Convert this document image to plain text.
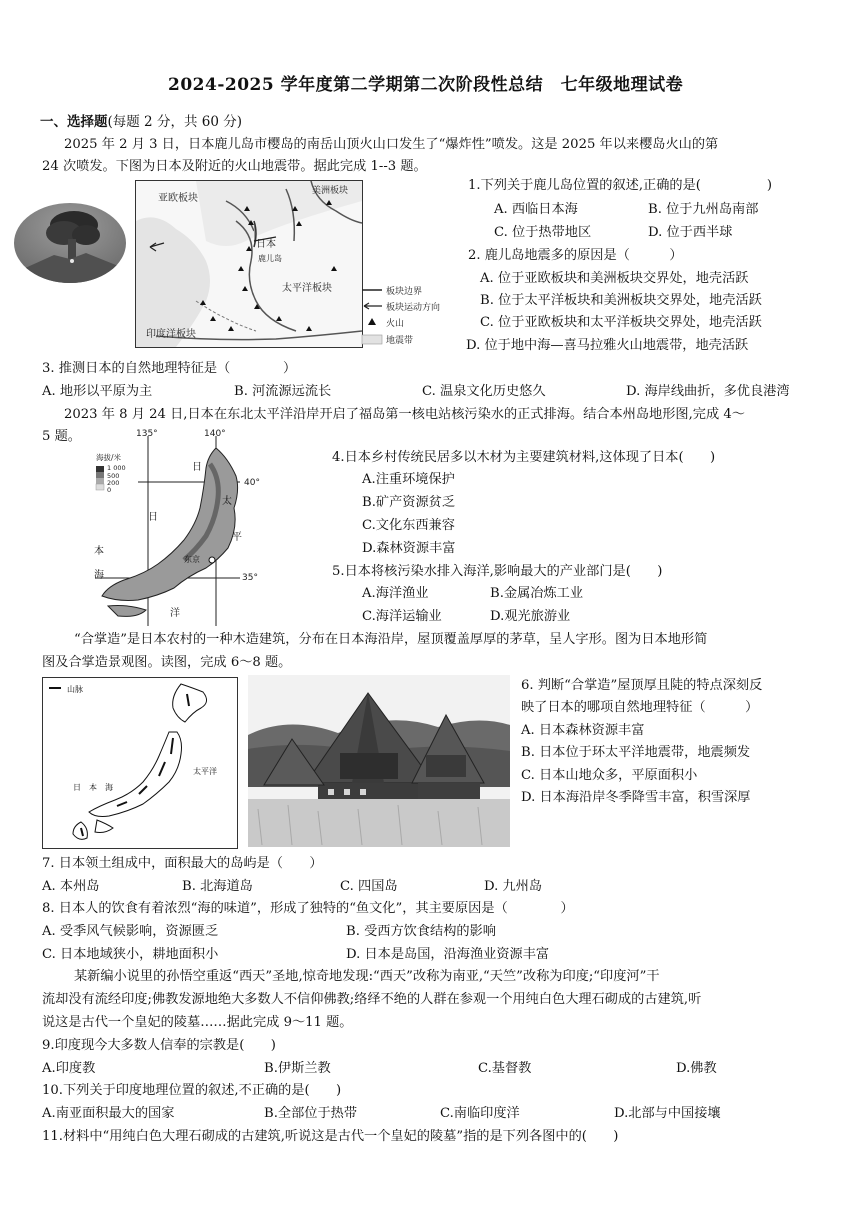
2024-2025 学年度第二学期第二次阶段性总结　七年级地理试卷
一、选择题(每题 2 分，共 60 分)
2025 年 2 月 3 日，日本鹿儿岛市樱岛的南岳山顶火山口发生了“爆炸性”喷发。这是 2025 年以来樱岛火山的第
24 次喷发。下图为日本及附近的火山地震带。据此完成 1--3 题。
亚欧板块
美洲板块
日本
鹿儿岛
太平洋板块
印度洋板块
板块边界
板块运动方向
火山
地震带
1.下列关于鹿儿岛位置的叙述,正确的是(　　　　　)
A. 西临日本海	B. 位于九州岛南部
C. 位于热带地区	D. 位于西半球
2. 鹿儿岛地震多的原因是（　　　）
A. 位于亚欧板块和美洲板块交界处，地壳活跃
B. 位于太平洋板块和美洲板块交界处，地壳活跃
C. 位于亚欧板块和太平洋板块交界处，地壳活跃
D. 位于地中海—喜马拉雅火山地震带，地壳活跃
3. 推测日本的自然地理特征是（　　　　）
A. 地形以平原为主	B. 河流源远流长	C. 温泉文化历史悠久	D. 海岸线曲折，多优良港湾
2023 年 8 月 24 日,日本在东北太平洋沿岸开启了福岛第一核电站核污染水的正式排海。结合本州岛地形图,完成 4～
5 题。	135°	140°
40°
35°
海拔/米
1 000
500
200
0
日
太
平
洋
日
本
海
东京
4.日本乡村传统民居多以木材为主要建筑材料,这体现了日本(　　)
A.注重环境保护
B.矿产资源贫乏
C.文化东西兼容
D.森林资源丰富
5.日本将核污染水排入海洋,影响最大的产业部门是(　　)
A.海洋渔业	B.金属冶炼工业
C.海洋运输业	D.观光旅游业
“合掌造”是日本农村的一种木造建筑，分布在日本海沿岸，屋顶覆盖厚厚的茅草，呈人字形。图为日本地形简
图及合掌造景观图。读图，完成 6～8 题。
山脉
日　本　海
太平洋
6. 判断“合掌造”屋顶厚且陡的特点深刻反
映了日本的哪项自然地理特征（　　　）
A. 日本森林资源丰富
B. 日本位于环太平洋地震带，地震频发
C. 日本山地众多，平原面积小
D. 日本海沿岸冬季降雪丰富，积雪深厚
7. 日本领土组成中，面积最大的岛屿是（　　）
A. 本州岛	B. 北海道岛	C. 四国岛	D. 九州岛
8. 日本人的饮食有着浓烈“海的味道”，形成了独特的“鱼文化”，其主要原因是（　　　　）
A. 受季风气候影响，资源匮乏	B. 受西方饮食结构的影响
C. 日本地域狭小，耕地面积小	D. 日本是岛国，沿海渔业资源丰富
某新编小说里的孙悟空重返“西天”圣地,惊奇地发现:“西天”改称为南亚,“天竺”改称为印度;“印度河”干
流却没有流经印度;佛教发源地绝大多数人不信仰佛教;络绎不绝的人群在参观一个用纯白色大理石砌成的古建筑,听
说这是古代一个皇妃的陵墓……据此完成 9～11 题。
9.印度现今大多数人信奉的宗教是(　　)
A.印度教	B.伊斯兰教	C.基督教	D.佛教
10.下列关于印度地理位置的叙述,不正确的是(　　)
A.南亚面积最大的国家	B.全部位于热带	C.南临印度洋	D.北部与中国接壤
11.材料中“用纯白色大理石砌成的古建筑,听说这是古代一个皇妃的陵墓”指的是下列各图中的(　　)
